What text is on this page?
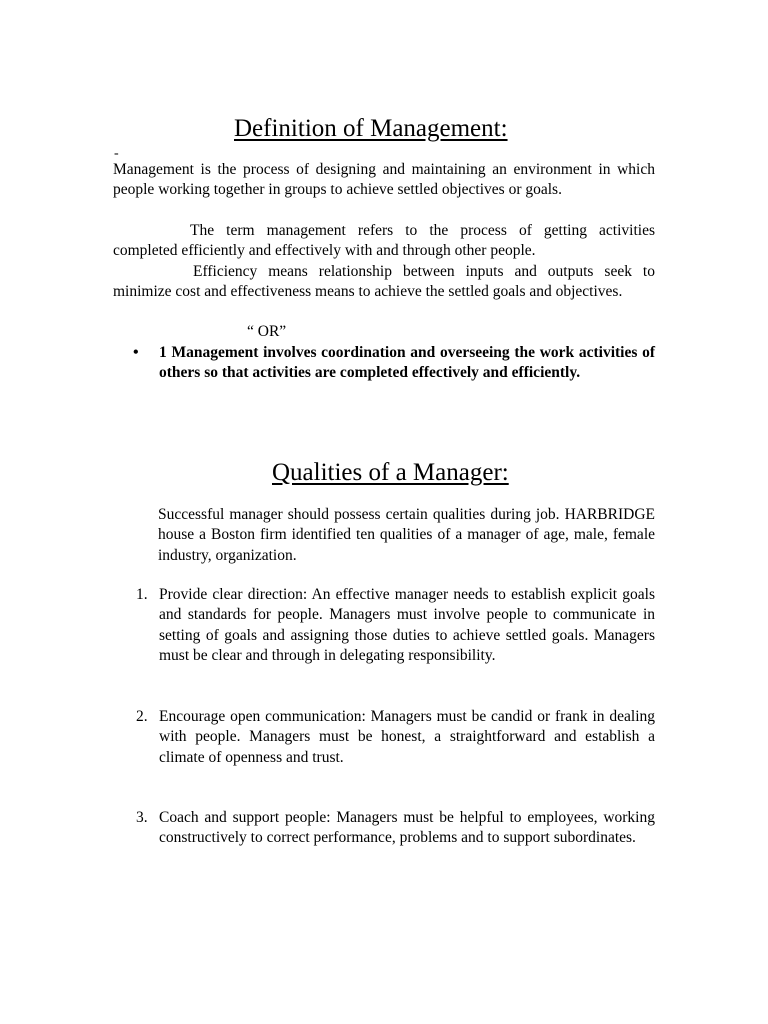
Definition of Management:
-

Management is the process of designing and maintaining an environment in which people working together in groups to achieve settled objectives or goals.

The term management refers to the process of getting activities

completed efficiently and effectively with and through other people.

Efficiency means relationship between inputs and outputs seek to

minimize cost and effectiveness means to achieve the settled goals and objectives.

“ OR”
• 1 Management involves coordination and overseeing the work activities of others so that activities are completed effectively and efficiently.

Qualities of a Manager:

Successful manager should possess certain qualities during job. HARBRIDGE house a Boston firm identified ten qualities of a manager of age, male, female industry, organization.

1. Provide clear direction: An effective manager needs to establish explicit goals and standards for people. Managers must involve people to communicate in setting of goals and assigning those duties to achieve settled goals. Managers must be clear and through in delegating responsibility.

2. Encourage open communication: Managers must be candid or frank in dealing with people. Managers must be honest, a straightforward and establish a climate of openness and trust.

3. Coach and support people: Managers must be helpful to employees, working constructively to correct performance, problems and to support subordinates.
